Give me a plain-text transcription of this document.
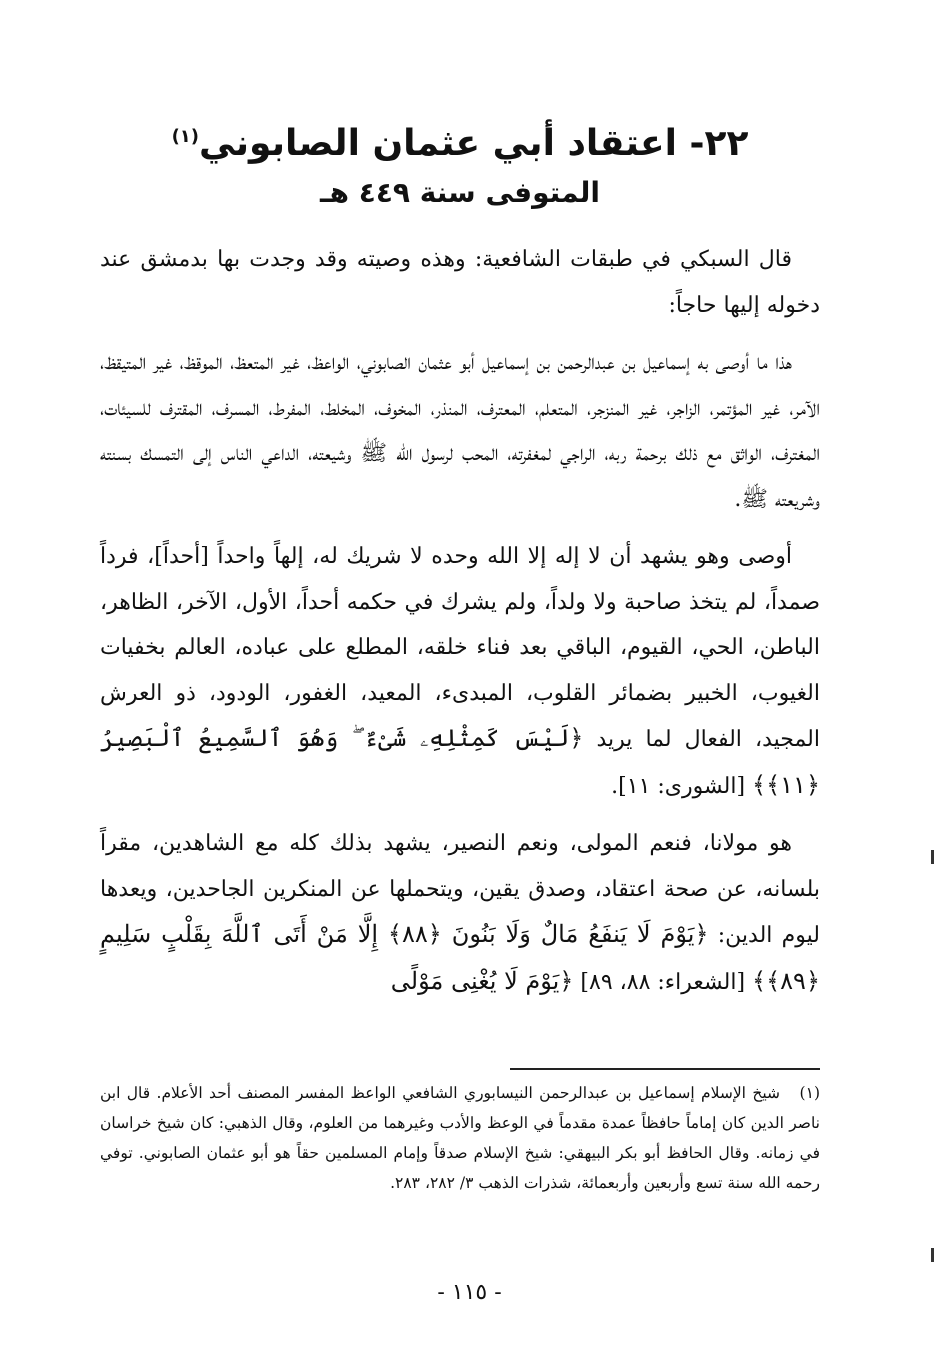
٢٢- اعتقاد أبي عثمان الصابوني$^{(١)}$
المتوفى سنة ٤٤٩ هـ

قال السبكي في طبقات الشافعية: وهذه وصيته وقد وجدت بها بدمشق عند دخوله إليها حاجاً:

هذا ما أوصى به إسماعيل بن عبدالرحمن بن إسماعيل أبو عثمان الصابوني، الواعظ، غير المتعظ، الموقظ، غير المتيقظ، الآمر، غير المؤتمر، الزاجر، غير المنزجر، المتعلم، المعترف، المنذر، المخوف، المخلط، المفرط، المسرف، المقترف للسيئات، المغترف، الواثق مع ذلك برحمة ربه، الراجي لمغفرته، المحب لرسول الله ﷺ وشيعته، الداعي الناس إلى التمسك بسنته وشريعته ﷺ.

أوصى وهو يشهد أن لا إله إلا الله وحده لا شريك له، إلهاً واحداً [أحداً]، فرداً صمداً، لم يتخذ صاحبة ولا ولداً، ولم يشرك في حكمه أحداً، الأول، الآخر، الظاهر، الباطن، الحي، القيوم، الباقي بعد فناء خلقه، المطلع على عباده، العالم بخفيات الغيوب، الخبير بضمائر القلوب، المبدىء، المعيد، الغفور، الودود، ذو العرش المجيد، الفعال لما يريد ﴿لَيْسَ كَمِثْلِهِۦ شَىْءٌ ۖ وَهُوَ ٱلسَّمِيعُ ٱلْبَصِيرُ ﴿١١﴾﴾ [الشورى: ١١].

هو مولانا، فنعم المولى، ونعم النصير، يشهد بذلك كله مع الشاهدين، مقراً بلسانه، عن صحة اعتقاد، وصدق يقين، ويتحملها عن المنكرين الجاحدين، ويعدها ليوم الدين: ﴿يَوْمَ لَا يَنفَعُ مَالٌ وَلَا بَنُونَ ﴿٨٨﴾ إِلَّا مَنْ أَتَى ٱللَّهَ بِقَلْبٍ سَلِيمٍ ﴿٨٩﴾﴾ [الشعراء: ٨٨، ٨٩] ﴿يَوْمَ لَا يُغْنِى مَوْلًى

(١)شيخ الإسلام إسماعيل بن عبدالرحمن النيسابوري الشافعي الواعظ المفسر المصنف أحد الأعلام. قال ابن ناصر الدين كان إماماً حافظاً عمدة مقدماً في الوعظ والأدب وغيرهما من العلوم، وقال الذهبي: كان شيخ خراسان في زمانه. وقال الحافظ أبو بكر البيهقي: شيخ الإسلام صدقاً وإمام المسلمين حقاً هو أبو عثمان الصابوني. توفي رحمه الله سنة تسع وأربعين وأربعمائة، شذرات الذهب ٣/ ٢٨٢، ٢٨٣.
- ١١٥ -
